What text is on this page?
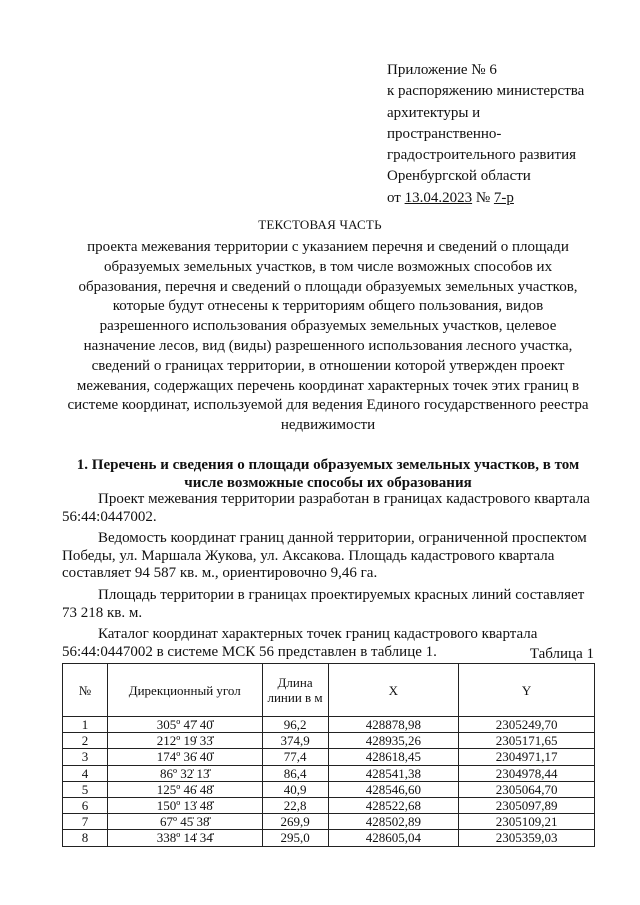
Приложение № 6
к распоряжению министерства
архитектуры и
пространственно-
градостроительного развития
Оренбургской области
от 13.04.2023 № 7-р
ТЕКСТОВАЯ ЧАСТЬ
проекта межевания территории с указанием перечня и сведений о площади
образуемых земельных участков, в том числе возможных способов их
образования, перечня и сведений о площади образуемых земельных участков,
которые будут отнесены к территориям общего пользования, видов
разрешенного использования образуемых земельных участков, целевое
назначение лесов, вид (виды) разрешенного использования лесного участка,
сведений о границах территории, в отношении которой утвержден проект
межевания, содержащих перечень координат характерных точек этих границ в
системе координат, используемой для ведения Единого государственного реестра
недвижимости
1. Перечень и сведения о площади образуемых земельных участков, в том
числе возможные способы их образования
Проект межевания территории разработан в границах кадастрового квартала
56:44:0447002.
Ведомость координат границ данной территории, ограниченной проспектом
Победы, ул. Маршала Жукова, ул. Аксакова. Площадь кадастрового квартала
составляет 94 587 кв. м., ориентировочно 9,46 га.
Площадь территории в границах проектируемых красных линий составляет
73 218 кв. м.
Каталог координат характерных точек границ кадастрового квартала
56:44:0447002 в системе МСК 56 представлен в таблице 1.	Таблица 1
№	Дирекционный угол	Длина линии в м	X	Y
1	305º 47̍ 40̎	96,2	428878,98	2305249,70
2	212º 19̍ 33̎	374,9	428935,26	2305171,65
3	174º 36̍ 40̎	77,4	428618,45	2304971,17
4	86º 32̍ 13̎	86,4	428541,38	2304978,44
5	125º 46̍ 48̎	40,9	428546,60	2305064,70
6	150º 13̍ 48̎	22,8	428522,68	2305097,89
7	67º 45̍ 38̎	269,9	428502,89	2305109,21
8	338º 14̍ 34̎	295,0	428605,04	2305359,03
